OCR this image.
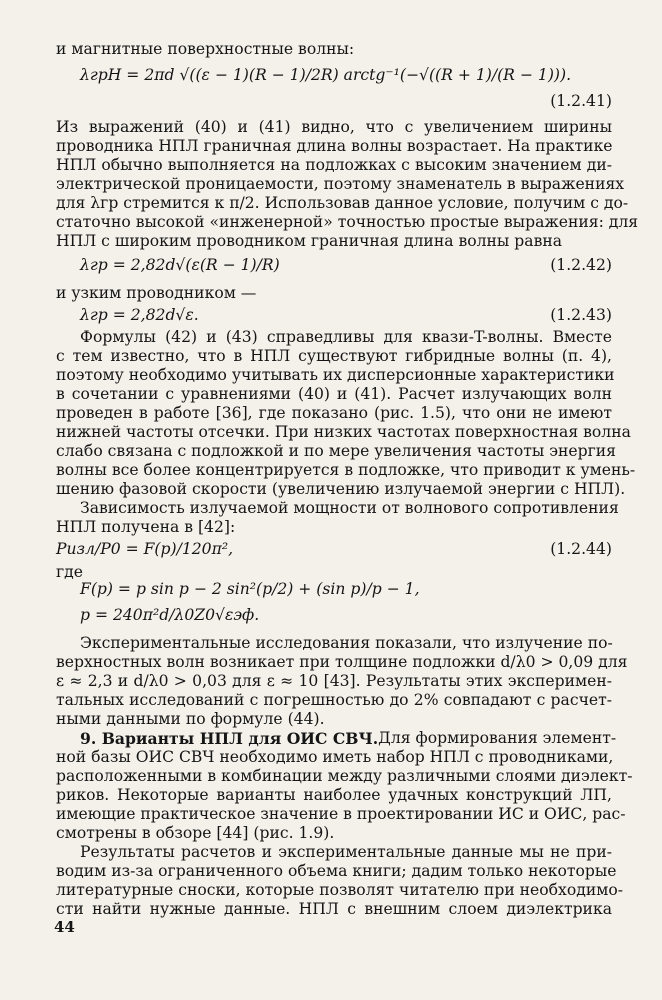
и магнитные поверхностные волны:
λгрH = 2πd √((ε − 1)(R − 1)/2R) arctg⁻¹(−√((R + 1)/(R − 1))).
(1.2.41)
Из выражений (40) и (41) видно, что с увеличением ширины
проводника НПЛ граничная длина волны возрастает. На практике
НПЛ обычно выполняется на подложках с высоким значением ди-
электрической проницаемости, поэтому знаменатель в выражениях
для λгр стремится к π/2. Использовав данное условие, получим с до-
статочно высокой «инженерной» точностью простые выражения: для
НПЛ с широким проводником граничная длина волны равна
λгр = 2,82d√(ε(R − 1)/R)	(1.2.42)
и узким проводником —
λгр = 2,82d√ε.	(1.2.43)
Формулы (42) и (43) справедливы для квази-T-волны. Вместе
с тем известно, что в НПЛ существуют гибридные волны (п. 4),
поэтому необходимо учитывать их дисперсионные характеристики
в сочетании с уравнениями (40) и (41). Расчет излучающих волн
проведен в работе [36], где показано (рис. 1.5), что они не имеют
нижней частоты отсечки. При низких частотах поверхностная волна
слабо связана с подложкой и по мере увеличения частоты энергия
волны все более концентрируется в подложке, что приводит к умень-
шению фазовой скорости (увеличению излучаемой энергии с НПЛ).
Зависимость излучаемой мощности от волнового сопротивления
НПЛ получена в [42]:
Pизл/P0 = F(p)/120π²,	(1.2.44)
где
F(p) = p sin p − 2 sin²(p/2) + (sin p)/p − 1,
p = 240π²d/λ0Z0√εэф.
Экспериментальные исследования показали, что излучение по-
верхностных волн возникает при толщине подложки d/λ0 > 0,09 для
ε ≈ 2,3 и d/λ0 > 0,03 для ε ≈ 10 [43]. Результаты этих эксперимен-
тальных исследований с погрешностью до 2% совпадают с расчет-
ными данными по формуле (44).
9. Варианты НПЛ для ОИС СВЧ. Для формирования элемент-
ной базы ОИС СВЧ необходимо иметь набор НПЛ с проводниками,
расположенными в комбинации между различными слоями диэлект-
риков. Некоторые варианты наиболее удачных конструкций ЛП,
имеющие практическое значение в проектировании ИС и ОИС, рас-
смотрены в обзоре [44] (рис. 1.9).
Результаты расчетов и экспериментальные данные мы не при-
водим из-за ограниченного объема книги; дадим только некоторые
литературные сноски, которые позволят читателю при необходимо-
сти найти нужные данные. НПЛ с внешним слоем диэлектрика
44
